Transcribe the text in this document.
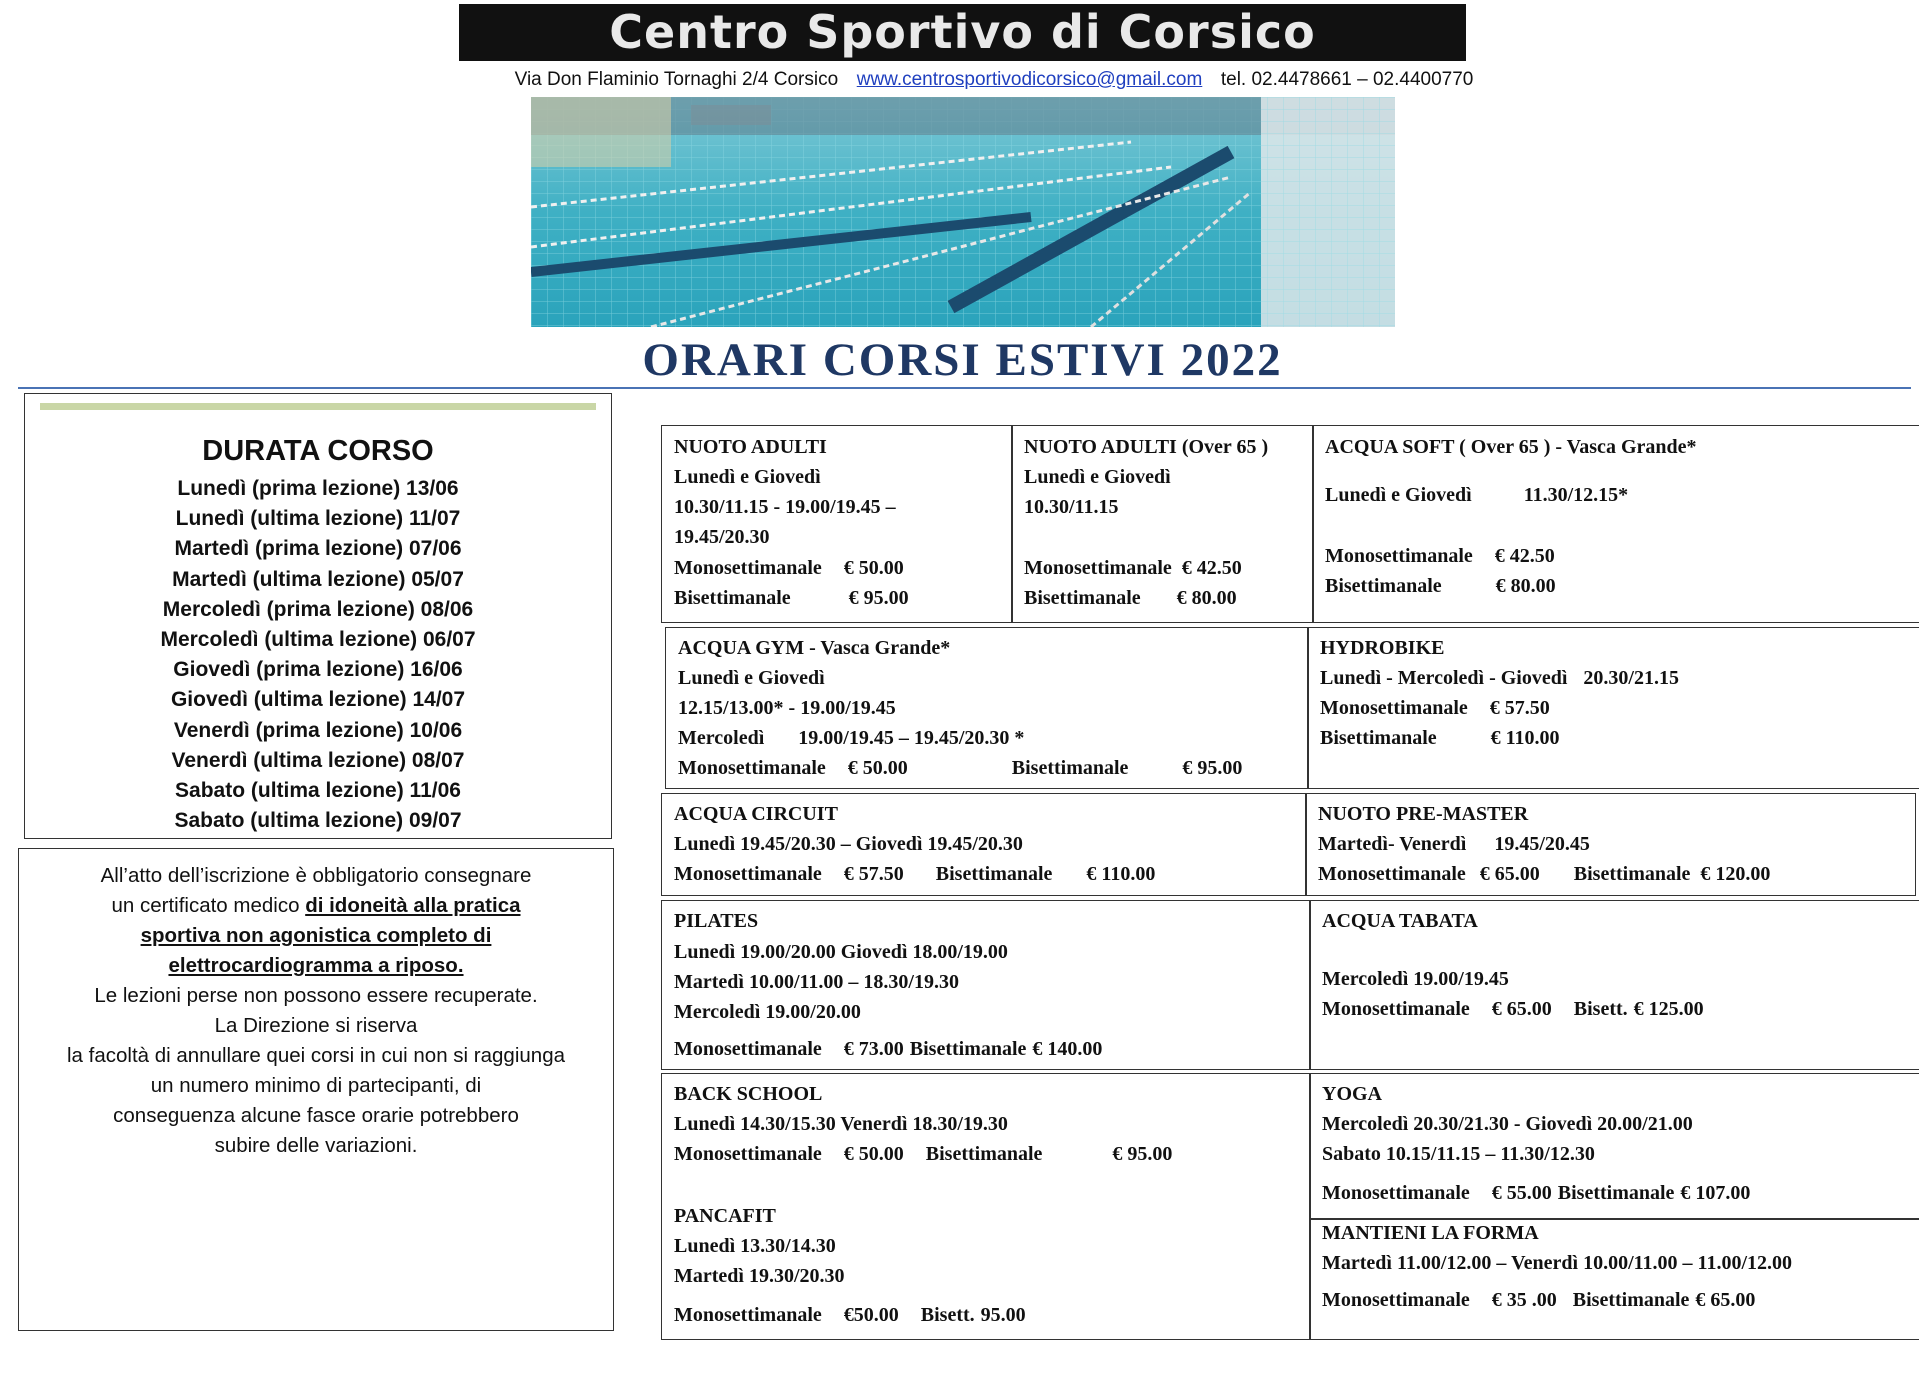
Centro Sportivo di Corsico
Via Don Flaminio Tornaghi 2/4 Corsico www.centrosportivodicorsico@gmail.com tel. 02.4478661 – 02.4400770
ORARI CORSI ESTIVI 2022
DURATA CORSO
Lunedì (prima lezione) 13/06
Lunedì (ultima lezione) 11/07
Martedì (prima lezione) 07/06
Martedì (ultima lezione) 05/07
Mercoledì (prima lezione) 08/06
Mercoledì (ultima lezione) 06/07
Giovedì (prima lezione) 16/06
Giovedì (ultima lezione) 14/07
Venerdì (prima lezione) 10/06
Venerdì (ultima lezione) 08/07
Sabato (ultima lezione) 11/06
Sabato (ultima lezione) 09/07
All’atto dell’iscrizione è obbligatorio consegnare
un certificato medico di idoneità alla pratica
sportiva non agonistica completo di
elettrocardiogramma a riposo.
Le lezioni perse non possono essere recuperate.
La Direzione si riserva
la facoltà di annullare quei corsi in cui non si raggiunga
un numero minimo di partecipanti, di
conseguenza alcune fasce orarie potrebbero
subire delle variazioni.
NUOTO ADULTI
Lunedì e Giovedì
10.30/11.15 - 19.00/19.45 –
19.45/20.30
Monosettimanale € 50.00
Bisettimanale	€ 95.00
NUOTO ADULTI (Over 65 )
Lunedì e Giovedì
10.30/11.15
Monosettimanale € 42.50
Bisettimanale € 80.00
ACQUA SOFT ( Over 65 ) - Vasca Grande*
Lunedì e Giovedì	11.30/12.15*
Monosettimanale € 42.50
Bisettimanale	€ 80.00
ACQUA GYM - Vasca Grande*
Lunedì e Giovedì
12.15/13.00* - 19.00/19.45
Mercoledì 19.00/19.45 – 19.45/20.30 *
Monosettimanale € 50.00	Bisettimanale	€ 95.00
HYDROBIKE
Lunedì - Mercoledì - Giovedì 20.30/21.15
Monosettimanale € 57.50
Bisettimanale	€ 110.00
ACQUA CIRCUIT
Lunedì 19.45/20.30 – Giovedì 19.45/20.30
Monosettimanale € 57.50 Bisettimanale € 110.00
NUOTO PRE-MASTER
Martedì- Venerdì 19.45/20.45
Monosettimanale € 65.00 Bisettimanale € 120.00
PILATES
Lunedì 19.00/20.00 Giovedì 18.00/19.00
Martedì 10.00/11.00 – 18.30/19.30
Mercoledì 19.00/20.00
Monosettimanale € 73.00 Bisettimanale € 140.00
ACQUA TABATA
Mercoledì 19.00/19.45
Monosettimanale € 65.00 Bisett. € 125.00
BACK SCHOOL
Lunedì 14.30/15.30 Venerdì 18.30/19.30
Monosettimanale € 50.00 Bisettimanale	€ 95.00
PANCAFIT
Lunedì 13.30/14.30
Martedì 19.30/20.30
Monosettimanale €50.00 Bisett. 95.00
YOGA
Mercoledì 20.30/21.30 - Giovedì 20.00/21.00
Sabato 10.15/11.15 – 11.30/12.30
Monosettimanale € 55.00 Bisettimanale € 107.00
MANTIENI LA FORMA
Martedì 11.00/12.00 – Venerdì 10.00/11.00 – 11.00/12.00
Monosettimanale € 35 .00 Bisettimanale € 65.00
